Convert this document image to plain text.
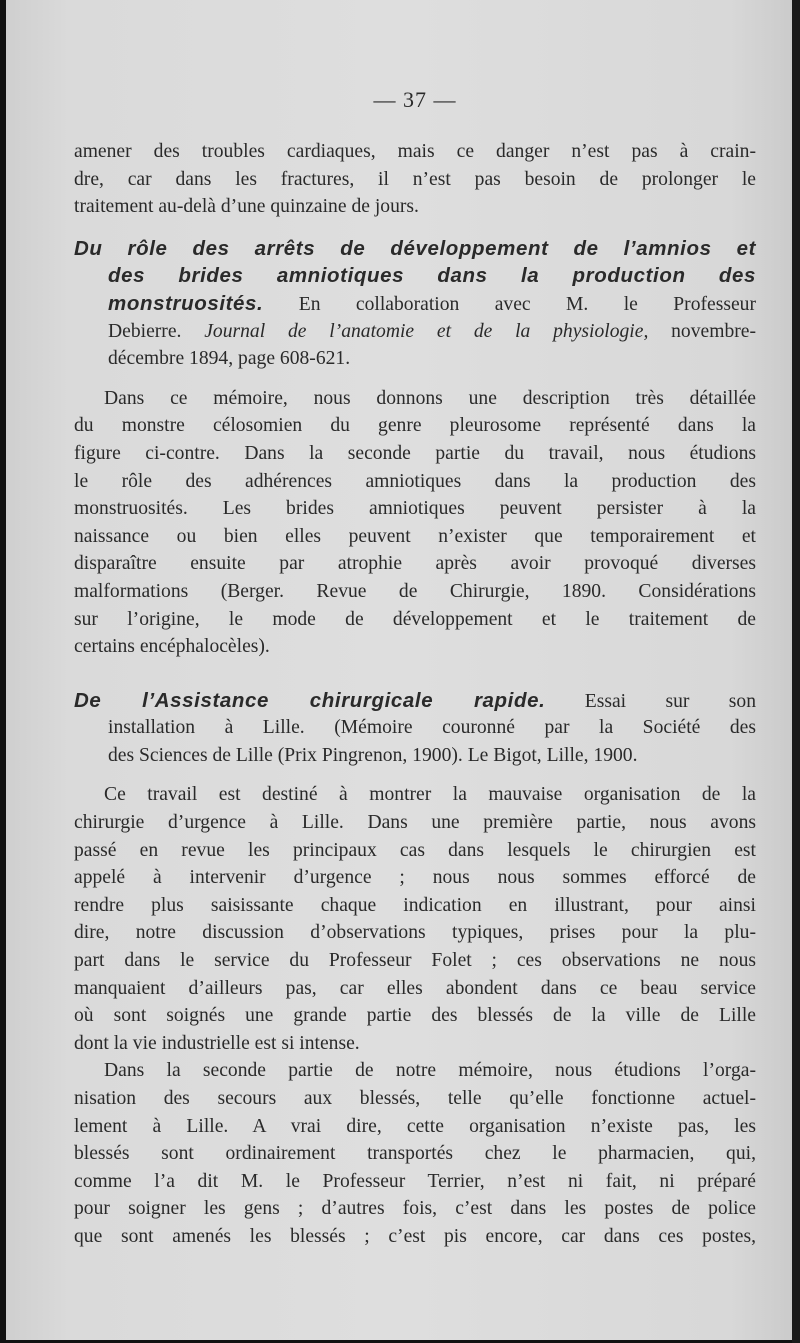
— 37 —
amener des troubles cardiaques, mais ce danger n’est pas à crain-
dre, car dans les fractures, il n’est pas besoin de prolonger le
traitement au-delà d’une quinzaine de jours.
Du rôle des arrêts de développement de l’amnios et
des brides amniotiques dans la production des
monstruosités. En collaboration avec M. le Professeur
Debierre. Journal de l’anatomie et de la physiologie, novembre-
décembre 1894, page 608-621.
Dans ce mémoire, nous donnons une description très détaillée
du monstre célosomien du genre pleurosome représenté dans la
figure ci-contre. Dans la seconde partie du travail, nous étudions
le rôle des adhérences amniotiques dans la production des
monstruosités. Les brides amniotiques peuvent persister à la
naissance ou bien elles peuvent n’exister que temporairement et
disparaître ensuite par atrophie après avoir provoqué diverses
malformations (Berger. Revue de Chirurgie, 1890. Considérations
sur l’origine, le mode de développement et le traitement de
certains encéphalocèles).
De l’Assistance chirurgicale rapide. Essai sur son
installation à Lille. (Mémoire couronné par la Société des
des Sciences de Lille (Prix Pingrenon, 1900). Le Bigot, Lille, 1900.
Ce travail est destiné à montrer la mauvaise organisation de la
chirurgie d’urgence à Lille. Dans une première partie, nous avons
passé en revue les principaux cas dans lesquels le chirurgien est
appelé à intervenir d’urgence ; nous nous sommes efforcé de
rendre plus saisissante chaque indication en illustrant, pour ainsi
dire, notre discussion d’observations typiques, prises pour la plu-
part dans le service du Professeur Folet ; ces observations ne nous
manquaient d’ailleurs pas, car elles abondent dans ce beau service
où sont soignés une grande partie des blessés de la ville de Lille
dont la vie industrielle est si intense.
Dans la seconde partie de notre mémoire, nous étudions l’orga-
nisation des secours aux blessés, telle qu’elle fonctionne actuel-
lement à Lille. A vrai dire, cette organisation n’existe pas, les
blessés sont ordinairement transportés chez le pharmacien, qui,
comme l’a dit M. le Professeur Terrier, n’est ni fait, ni préparé
pour soigner les gens ; d’autres fois, c’est dans les postes de police
que sont amenés les blessés ; c’est pis encore, car dans ces postes,
